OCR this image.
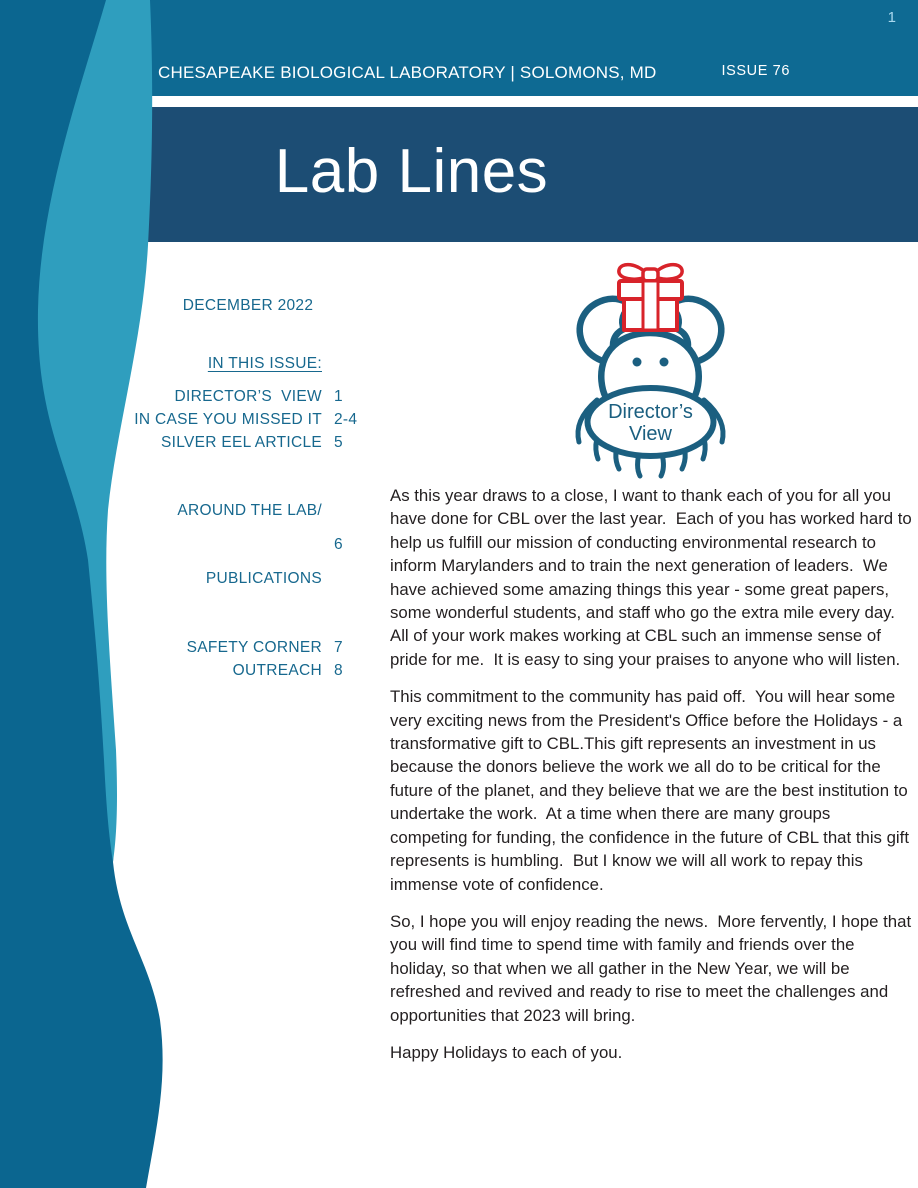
1
CHESAPEAKE BIOLOGICAL LABORATORY | SOLOMONS, MD	ISSUE 76
Lab Lines
DECEMBER 2022
IN THIS ISSUE:
DIRECTOR’S  VIEW 1
IN CASE YOU MISSED IT 2-4
SILVER EEL ARTICLE 5

AROUND THE LAB/

PUBLICATIONS

6
SAFETY CORNER 7
OUTREACH 8
Director’s
View

As this year draws to a close, I want to thank each of you for all you have done for CBL over the last year.  Each of you has worked hard to help us fulfill our mission of conducting environmental research to inform Marylanders and to train the next generation of leaders.  We have achieved some amazing things this year - some great papers, some wonderful students, and staff who go the extra mile every day.  All of your work makes working at CBL such an immense sense of pride for me.  It is easy to sing your praises to anyone who will listen.

This commitment to the community has paid off.  You will hear some very exciting news from the President's Office before the Holidays - a transformative gift to CBL.This gift represents an investment in us because the donors believe the work we all do to be critical for the future of the planet, and they believe that we are the best institution to undertake the work.  At a time when there are many groups competing for funding, the confidence in the future of CBL that this gift represents is humbling.  But I know we will all work to repay this immense vote of confidence.

So, I hope you will enjoy reading the news.  More fervently, I hope that you will find time to spend time with family and friends over the holiday, so that when we all gather in the New Year, we will be refreshed and revived and ready to rise to meet the challenges and opportunities that 2023 will bring.

Happy Holidays to each of you.
